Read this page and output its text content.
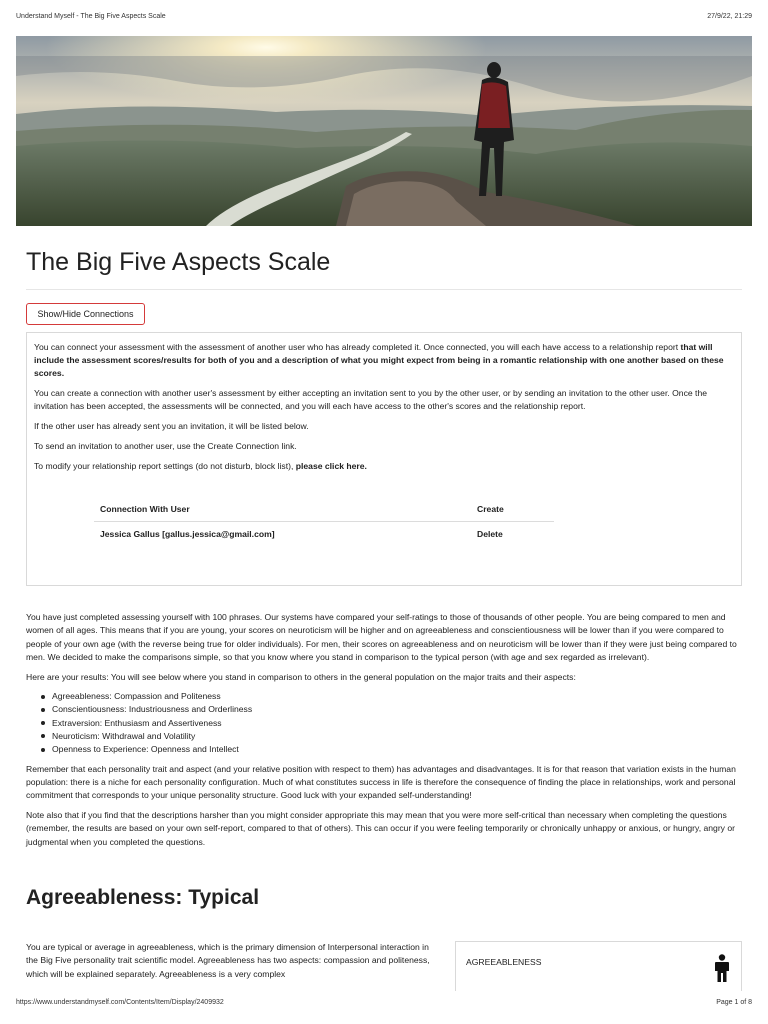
Understand Myself - The Big Five Aspects Scale	27/9/22, 21:29
The Big Five Aspects Scale
Show/Hide Connections

You can connect your assessment with the assessment of another user who has already completed it. Once connected, you will each have access to a relationship report that will include the assessment scores/results for both of you and a description of what you might expect from being in a romantic relationship with one another based on these scores.

You can create a connection with another user's assessment by either accepting an invitation sent to you by the other user, or by sending an invitation to the other user. Once the invitation has been accepted, the assessments will be connected, and you will each have access to the other's scores and the relationship report.

If the other user has already sent you an invitation, it will be listed below.

To send an invitation to another user, use the Create Connection link.

To modify your relationship report settings (do not disturb, block list), please click here.

Connection With User	Create
Jessica Gallus [gallus.jessica@gmail.com]	Delete

You have just completed assessing yourself with 100 phrases. Our systems have compared your self-ratings to those of thousands of other people. You are being compared to men and women of all ages. This means that if you are young, your scores on neuroticism will be higher and on agreeableness and conscientiousness will be lower than if you were compared to people of your own age (with the reverse being true for older individuals). For men, their scores on agreeableness and on neuroticism will be lower than if they were just being compared to men. We decided to make the comparisons simple, so that you know where you stand in comparison to the typical person (with age and sex regarded as irrelevant).

Here are your results: You will see below where you stand in comparison to others in the general population on the major traits and their aspects:

Agreeableness: Compassion and Politeness
Conscientiousness: Industriousness and Orderliness
Extraversion: Enthusiasm and Assertiveness
Neuroticism: Withdrawal and Volatility
Openness to Experience: Openness and Intellect

Remember that each personality trait and aspect (and your relative position with respect to them) has advantages and disadvantages. It is for that reason that variation exists in the human population: there is a niche for each personality configuration. Much of what constitutes success in life is therefore the consequence of finding the place in relationships, work and personal commitment that corresponds to your unique personality structure. Good luck with your expanded self-understanding!

Note also that if you find that the descriptions harsher than you might consider appropriate this may mean that you were more self-critical than necessary when completing the questions (remember, the results are based on your own self-report, compared to that of others). This can occur if you were feeling temporarily or chronically unhappy or anxious, or hungry, angry or judgmental when you completed the questions.

Agreeableness: Typical
You are typical or average in agreeableness, which is the primary dimension of Interpersonal interaction in the Big Five personality trait scientific model. Agreeableness has two aspects: compassion and politeness, which will be explained separately. Agreeableness is a very complex
AGREEABLENESS
https://www.understandmyself.com/Contents/Item/Display/2409932	Page 1 of 8
